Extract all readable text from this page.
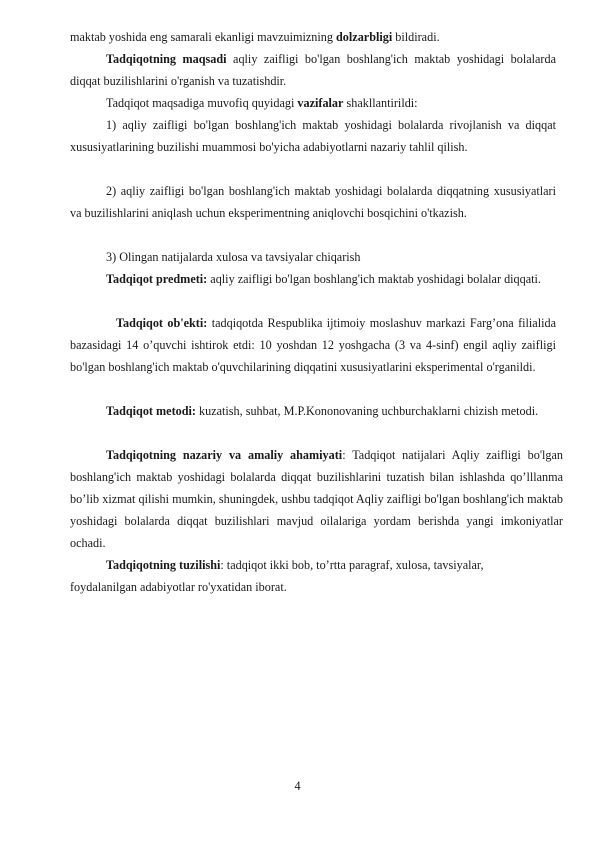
maktab yoshida eng samarali ekanligi mavzuimizning dolzarbligi bildiradi.

Tadqiqotning maqsadi aqliy zaifligi bo'lgan boshlang'ich maktab yoshidagi bolalarda diqqat buzilishlarini o'rganish va tuzatishdir.

Tadqiqot maqsadiga muvofiq quyidagi vazifalar shakllantirildi:

1) aqliy zaifligi bo'lgan boshlang'ich maktab yoshidagi bolalarda rivojlanish va diqqat xususiyatlarining buzilishi muammosi bo'yicha adabiyotlarni nazariy tahlil qilish.

2) aqliy zaifligi bo'lgan boshlang'ich maktab yoshidagi bolalarda diqqatning xususiyatlari va buzilishlarini aniqlash uchun eksperimentning aniqlovchi bosqichini o'tkazish.

3) Olingan natijalarda xulosa va tavsiyalar chiqarish

Tadqiqot predmeti: aqliy zaifligi bo'lgan boshlang'ich maktab yoshidagi bolalar diqqati.

Tadqiqot ob'ekti: tadqiqotda Respublika ijtimoiy moslashuv markazi Farg’ona filialida bazasidagi 14 o’quvchi ishtirok etdi: 10 yoshdan 12 yoshgacha (3 va 4-sinf) engil aqliy zaifligi bo'lgan boshlang'ich maktab o'quvchilarining diqqatini xususiyatlarini eksperimental o'rganildi.

Tadqiqot metodi: kuzatish, suhbat, M.P.Kononovaning uchburchaklarni chizish metodi.

Tadqiqotning nazariy va amaliy ahamiyati: Tadqiqot natijalari Aqliy zaifligi bo'lgan boshlang'ich maktab yoshidagi bolalarda diqqat buzilishlarini tuzatish bilan ishlashda qo’lllanma bo’lib xizmat qilishi mumkin, shuningdek, ushbu tadqiqot Aqliy zaifligi bo'lgan boshlang'ich maktab yoshidagi bolalarda diqqat buzilishlari mavjud oilalariga yordam berishda yangi imkoniyatlar ochadi.

Tadqiqotning tuzilishi: tadqiqot ikki bob, to’rtta paragraf, xulosa, tavsiyalar,

foydalanilgan adabiyotlar ro'yxatidan iborat.

4
